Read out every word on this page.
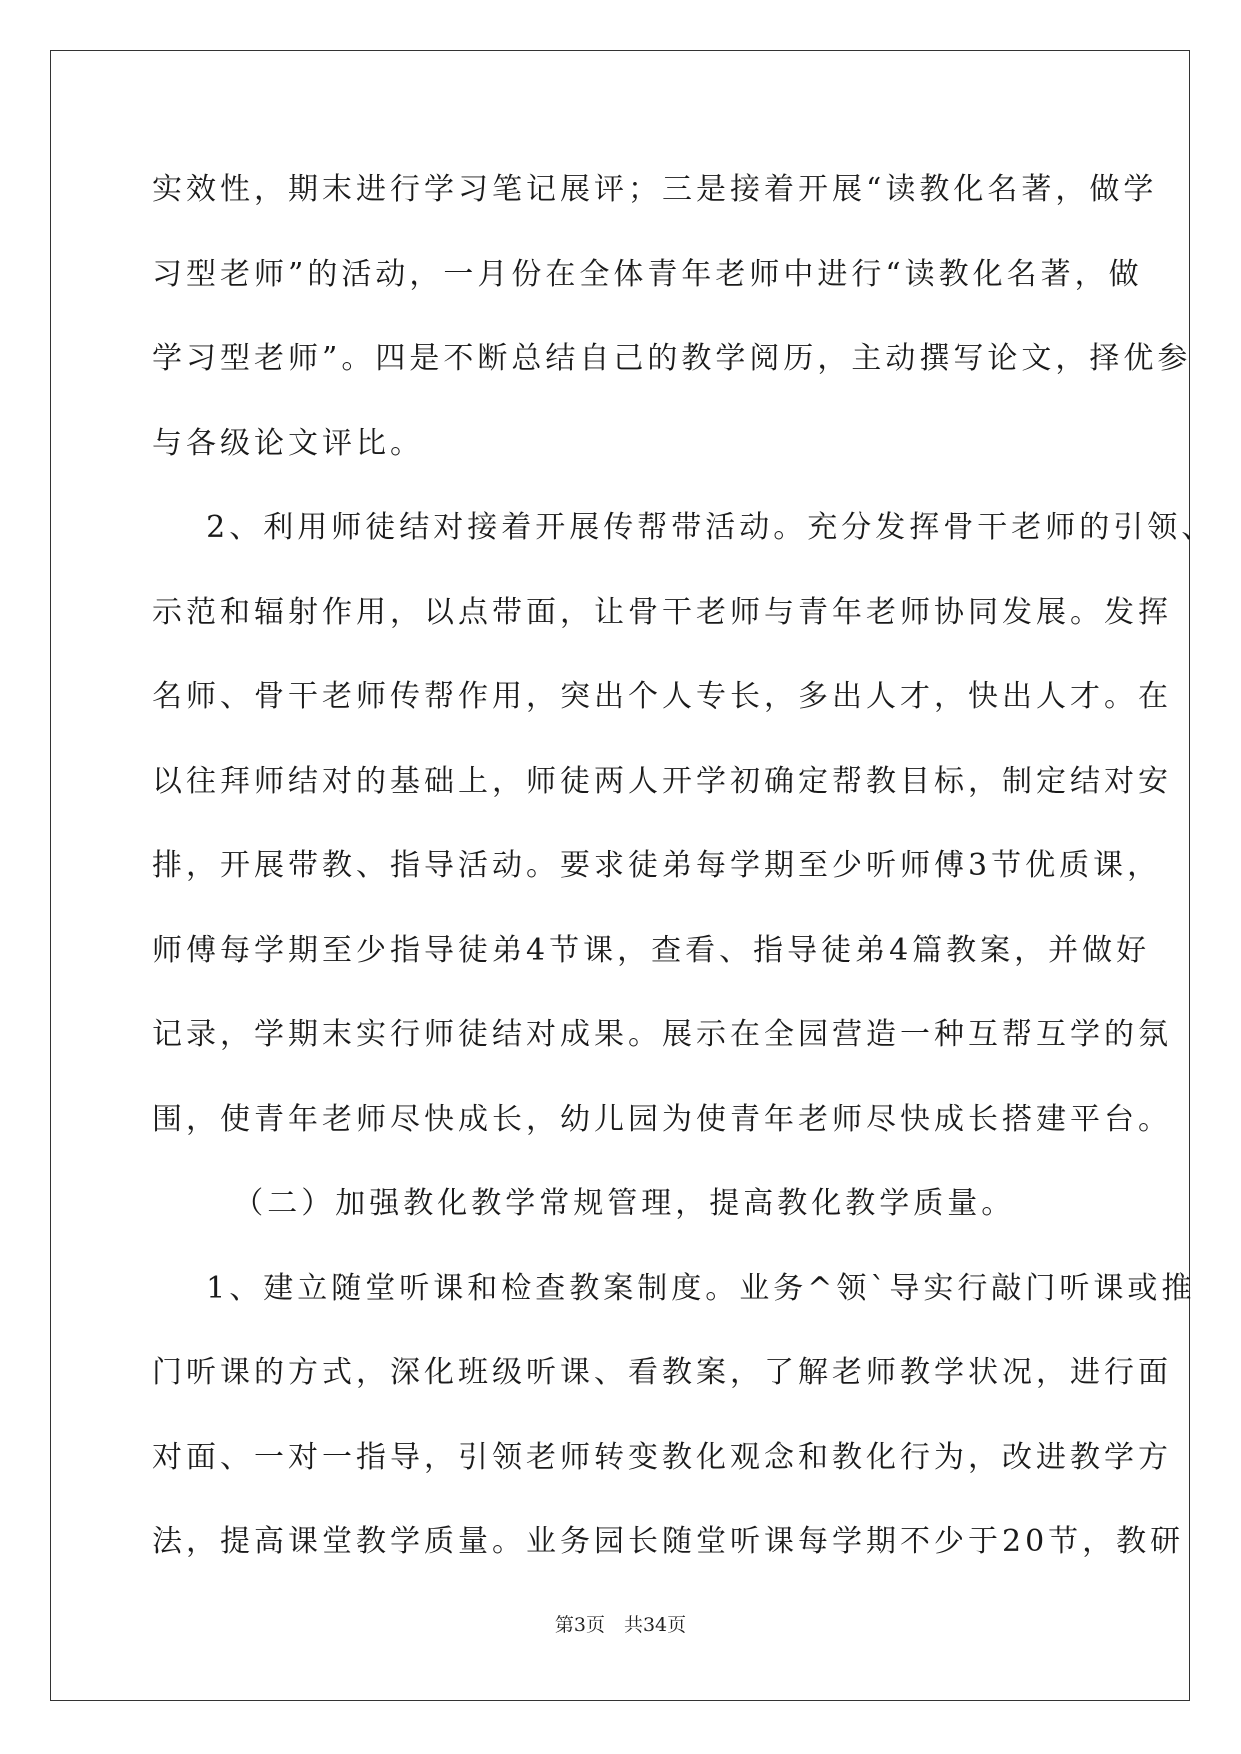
实效性，期末进行学习笔记展评；三是接着开展“读教化名著，做学
习型老师”的活动，一月份在全体青年老师中进行“读教化名著，做
学习型老师”。四是不断总结自己的教学阅历，主动撰写论文，择优参
与各级论文评比。
2、利用师徒结对接着开展传帮带活动。充分发挥骨干老师的引领、
示范和辐射作用，以点带面，让骨干老师与青年老师协同发展。发挥
名师、骨干老师传帮作用，突出个人专长，多出人才，快出人才。在
以往拜师结对的基础上，师徒两人开学初确定帮教目标，制定结对安
排，开展带教、指导活动。要求徒弟每学期至少听师傅3节优质课，
师傅每学期至少指导徒弟4节课，查看、指导徒弟4篇教案，并做好
记录，学期末实行师徒结对成果。展示在全园营造一种互帮互学的氛
围，使青年老师尽快成长，幼儿园为使青年老师尽快成长搭建平台。
（二）加强教化教学常规管理，提高教化教学质量。
1、建立随堂听课和检查教案制度。业务^领`导实行敲门听课或推
门听课的方式，深化班级听课、看教案，了解老师教学状况，进行面
对面、一对一指导，引领老师转变教化观念和教化行为，改进教学方
法，提高课堂教学质量。业务园长随堂听课每学期不少于20节，教研
第3页　共34页
